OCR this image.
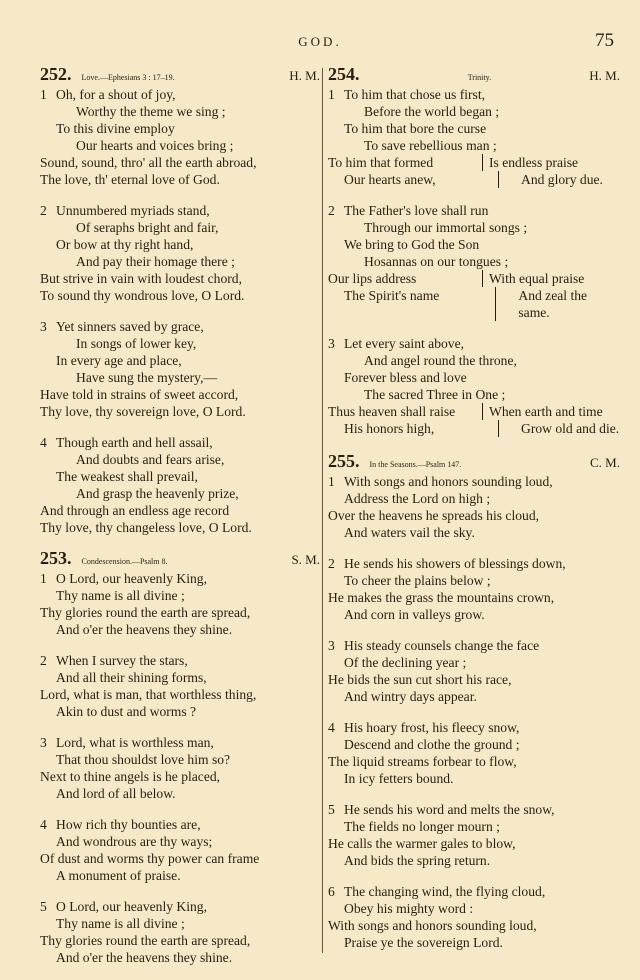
GOD.	75
252.	Love.—Ephesians 3 : 17–19.	H. M.
1 Oh, for a shout of joy,
Worthy the theme we sing ;
To this divine employ
Our hearts and voices bring ;
Sound, sound, thro' all the earth abroad,
The love, th' eternal love of God.
2 Unnumbered myriads stand,
Of seraphs bright and fair,
Or bow at thy right hand,
And pay their homage there ;
But strive in vain with loudest chord,
To sound thy wondrous love, O Lord.
3 Yet sinners saved by grace,
In songs of lower key,
In every age and place,
Have sung the mystery,—
Have told in strains of sweet accord,
Thy love, thy sovereign love, O Lord.
4 Though earth and hell assail,
And doubts and fears arise,
The weakest shall prevail,
And grasp the heavenly prize,
And through an endless age record
Thy love, thy changeless love, O Lord.
253.	Condescension.—Psalm 8.	S. M.
1 O Lord, our heavenly King,
Thy name is all divine ;
Thy glories round the earth are spread,
And o'er the heavens they shine.
2 When I survey the stars,
And all their shining forms,
Lord, what is man, that worthless thing,
Akin to dust and worms ?
3 Lord, what is worthless man,
That thou shouldst love him so?
Next to thine angels is he placed,
And lord of all below.
4 How rich thy bounties are,
And wondrous are thy ways;
Of dust and worms thy power can frame
A monument of praise.
5 O Lord, our heavenly King,
Thy name is all divine ;
Thy glories round the earth are spread,
And o'er the heavens they shine.
254.	Trinity.	H. M.
1 To him that chose us first,
Before the world began ;
To him that bore the curse
To save rebellious man ;
To him that formed	Is endless praise
Our hearts anew,	And glory due.
2 The Father's love shall run
Through our immortal songs ;
We bring to God the Son
Hosannas on our tongues ;
Our lips address	With equal praise
The Spirit's name	And zeal the same.
3 Let every saint above,
And angel round the throne,
Forever bless and love
The sacred Three in One ;
Thus heaven shall raise	When earth and time
His honors high,	Grow old and die.
255.	In the Seasons.—Psalm 147.	C. M.
1 With songs and honors sounding loud,
Address the Lord on high ;
Over the heavens he spreads his cloud,
And waters vail the sky.
2 He sends his showers of blessings down,
To cheer the plains below ;
He makes the grass the mountains crown,
And corn in valleys grow.
3 His steady counsels change the face
Of the declining year ;
He bids the sun cut short his race,
And wintry days appear.
4 His hoary frost, his fleecy snow,
Descend and clothe the ground ;
The liquid streams forbear to flow,
In icy fetters bound.
5 He sends his word and melts the snow,
The fields no longer mourn ;
He calls the warmer gales to blow,
And bids the spring return.
6 The changing wind, the flying cloud,
Obey his mighty word :
With songs and honors sounding loud,
Praise ye the sovereign Lord.
